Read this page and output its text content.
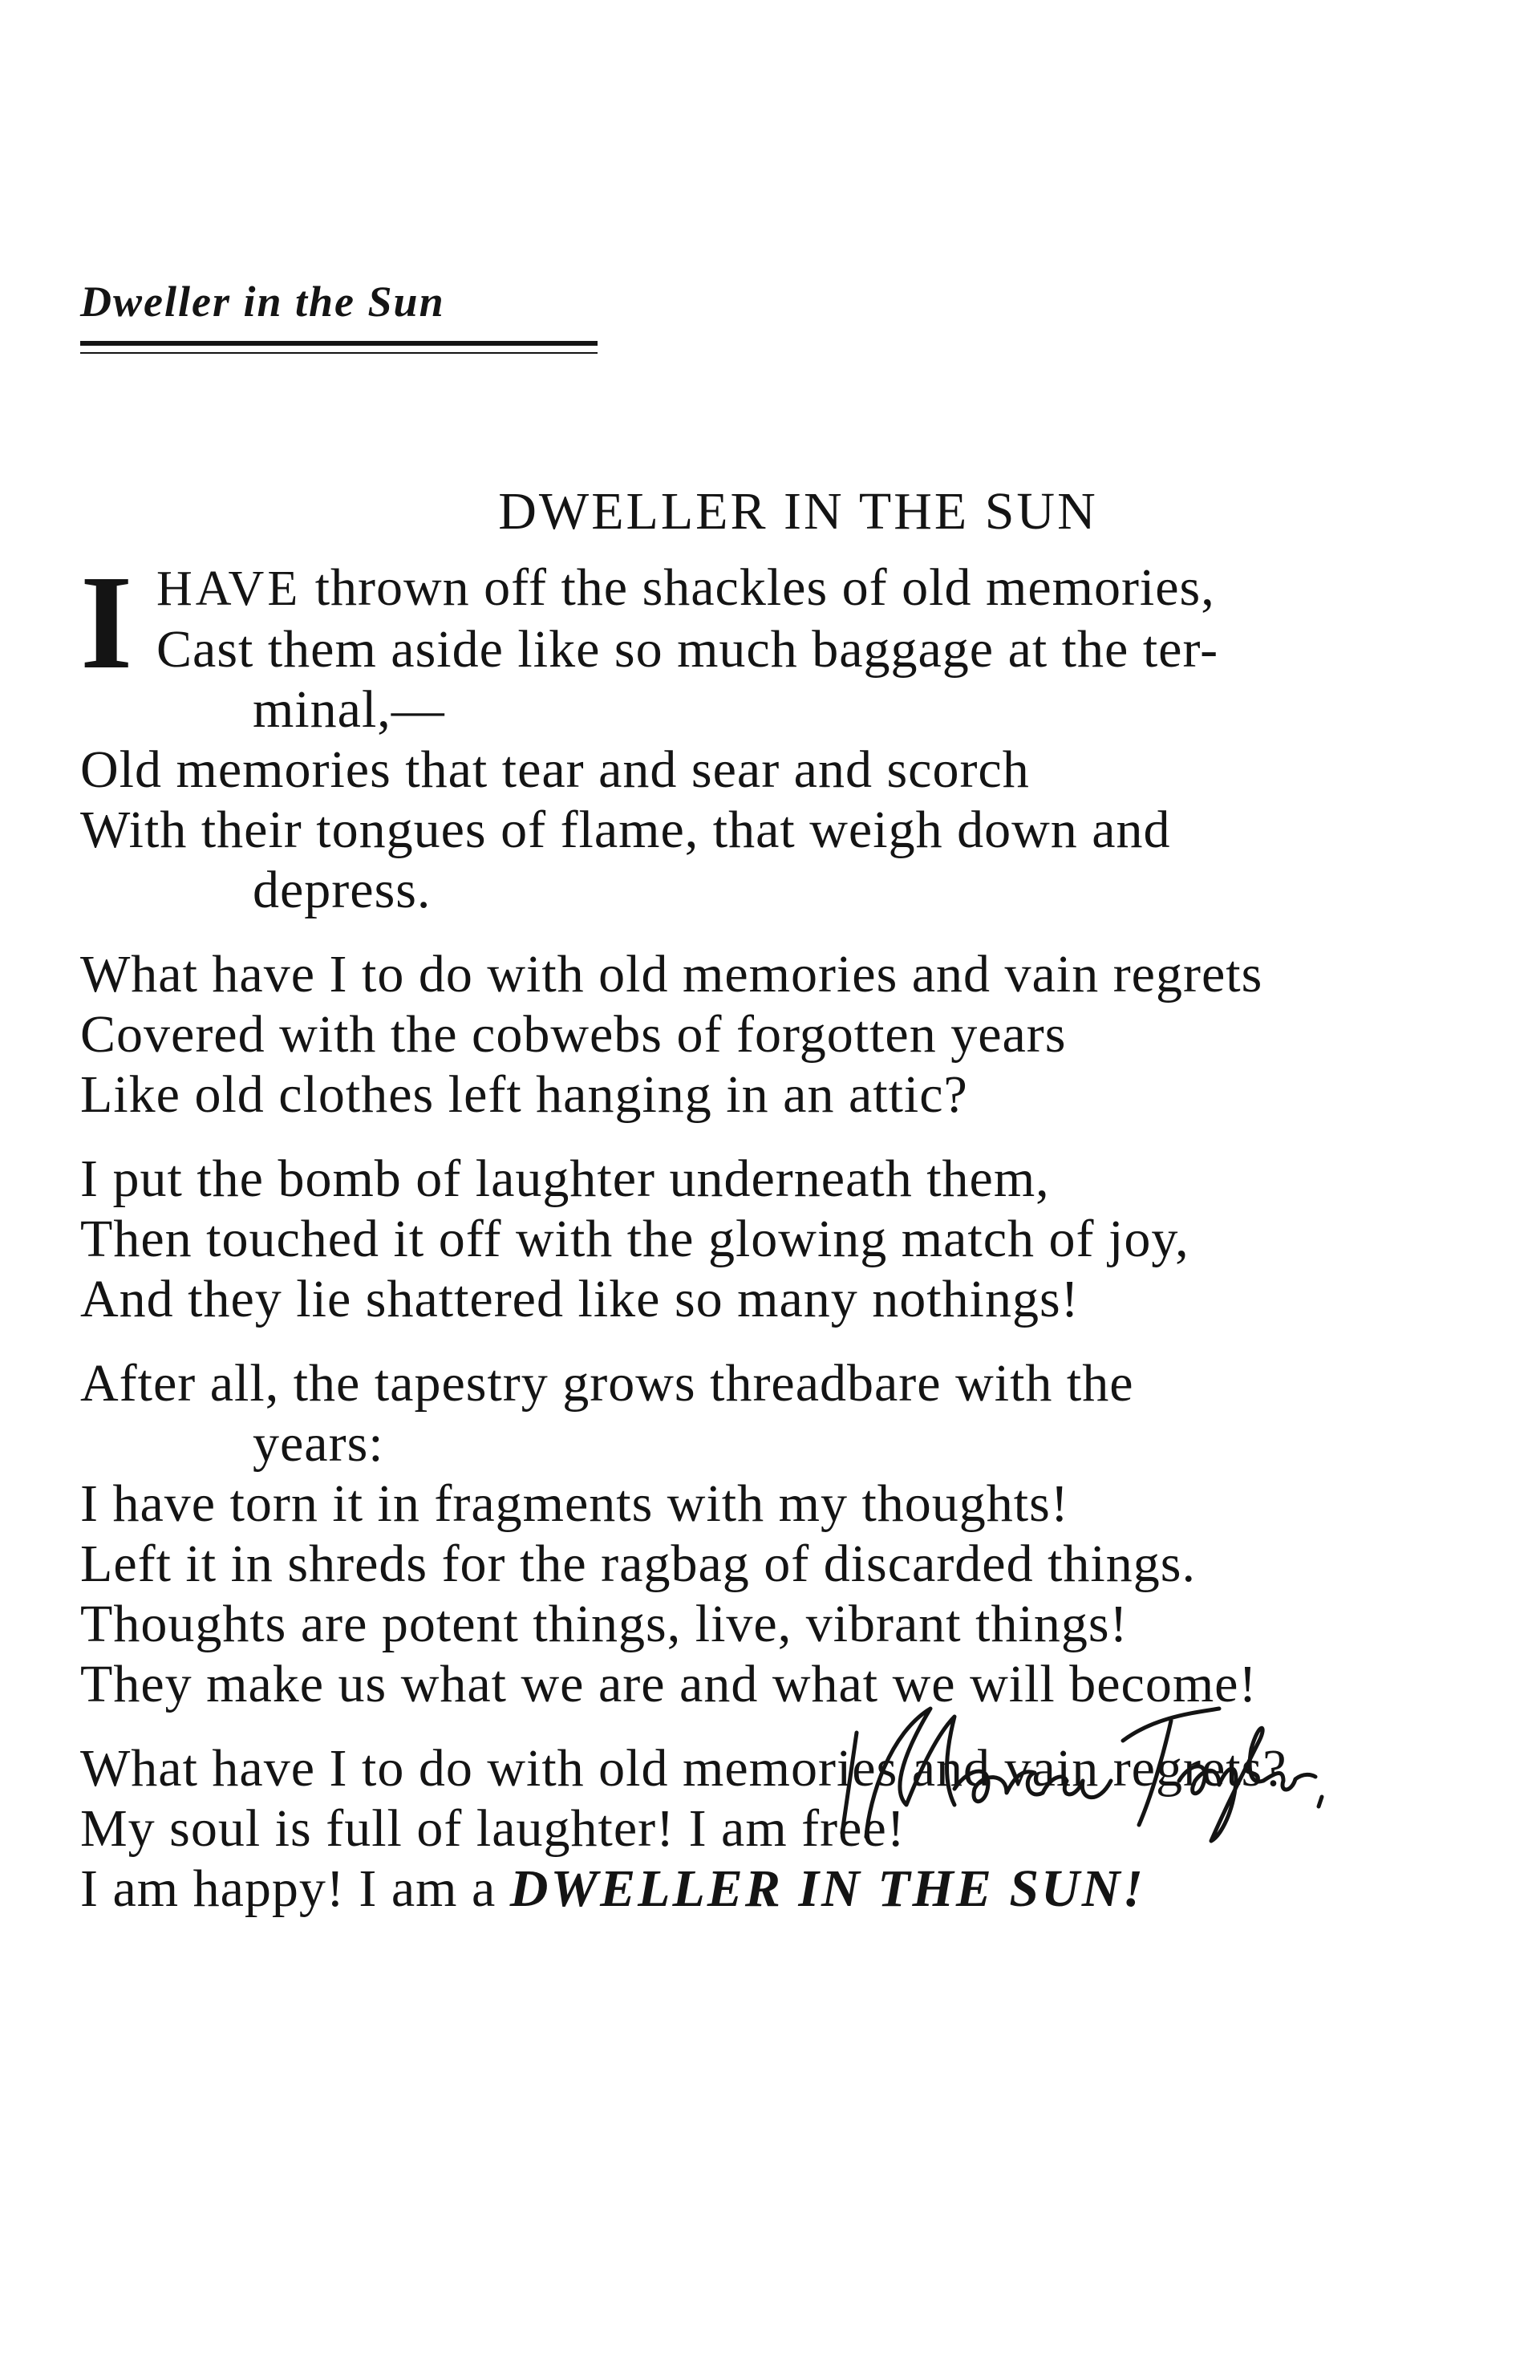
Dweller in the Sun
DWELLER IN THE SUN
I HAVE thrown off the shackles of old memories,
Cast them aside like so much baggage at the ter-
minal,—
Old memories that tear and sear and scorch
With their tongues of flame, that weigh down and
depress.
What have I to do with old memories and vain regrets
Covered with the cobwebs of forgotten years
Like old clothes left hanging in an attic?
I put the bomb of laughter underneath them,
Then touched it off with the glowing match of joy,
And they lie shattered like so many nothings!
After all, the tapestry grows threadbare with the
years:
I have torn it in fragments with my thoughts!
Left it in shreds for the ragbag of discarded things.
Thoughts are potent things, live, vibrant things!
They make us what we are and what we will become!
What have I to do with old memories and vain regrets?
My soul is full of laughter! I am free!
I am happy! I am a DWELLER IN THE SUN!
